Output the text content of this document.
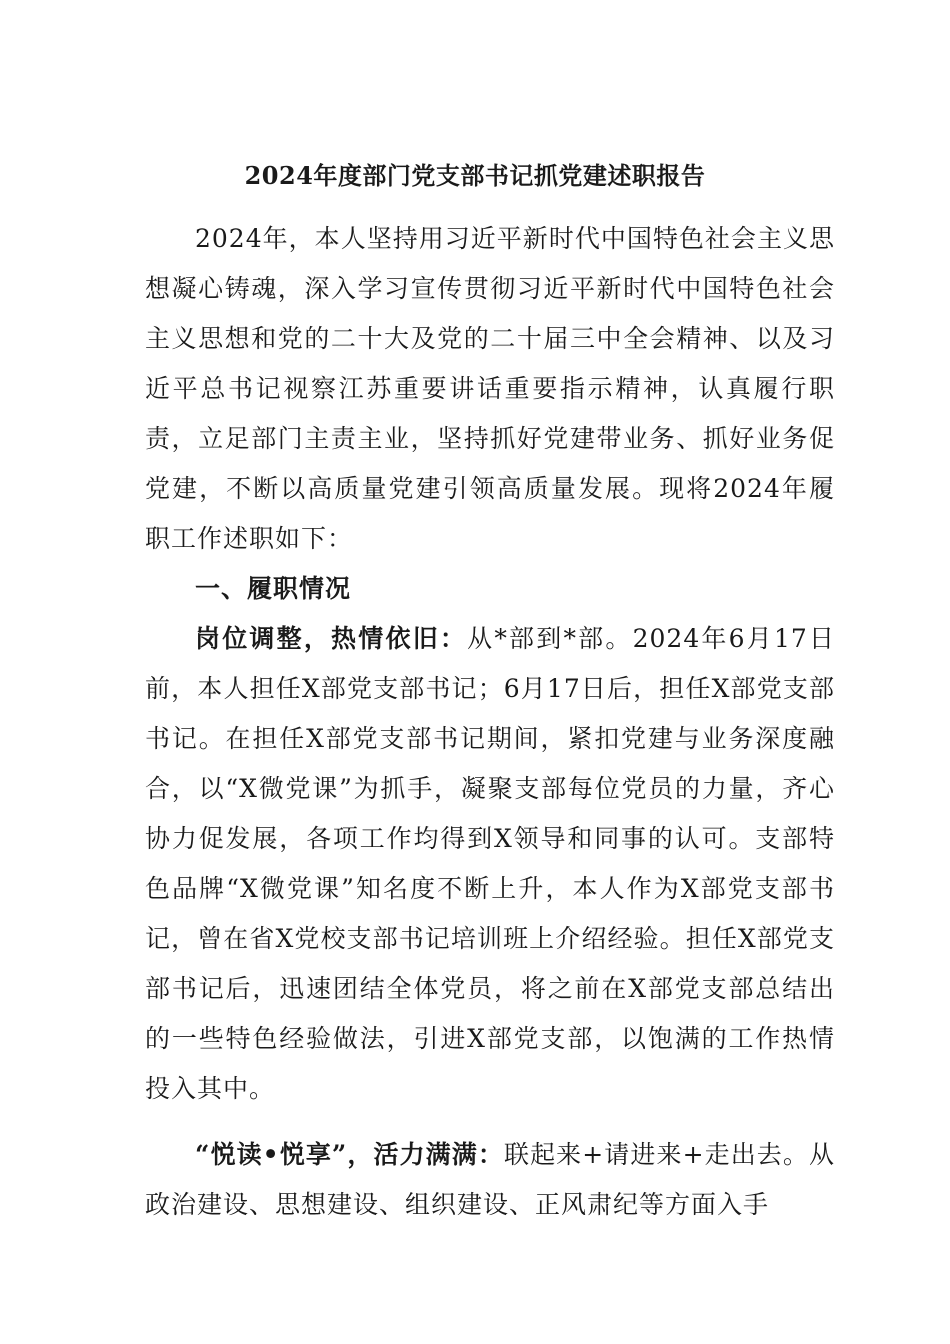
2024年度部门党支部书记抓党建述职报告

2024年，本人坚持用习近平新时代中国特色社会主义思想凝心铸魂，深入学习宣传贯彻习近平新时代中国特色社会主义思想和党的二十大及党的二十届三中全会精神、以及习近平总书记视察江苏重要讲话重要指示精神，认真履行职责，立足部门主责主业，坚持抓好党建带业务、抓好业务促党建，不断以高质量党建引领高质量发展。现将2024年履职工作述职如下：

一、履职情况

岗位调整，热情依旧：从*部到*部。2024年6月17日前，本人担任X部党支部书记；6月17日后，担任X部党支部书记。在担任X部党支部书记期间，紧扣党建与业务深度融合，以“X微党课”为抓手，凝聚支部每位党员的力量，齐心协力促发展，各项工作均得到X领导和同事的认可。支部特色品牌“X微党课”知名度不断上升，本人作为X部党支部书记，曾在省X党校支部书记培训班上介绍经验。担任X部党支部书记后，迅速团结全体党员，将之前在X部党支部总结出的一些特色经验做法，引进X部党支部，以饱满的工作热情投入其中。

“悦读•悦享”，活力满满：联起来+请进来+走出去。从政治建设、思想建设、组织建设、正风肃纪等方面入手
